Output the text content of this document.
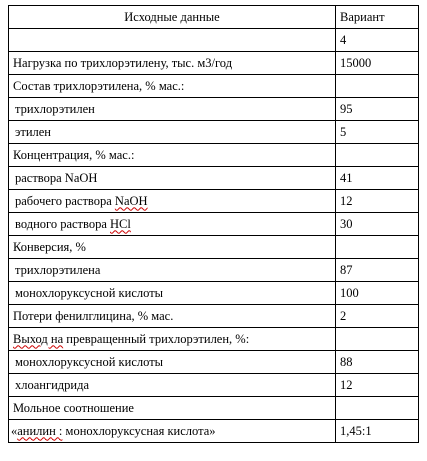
Исходные данные	Вариант
	4
Нагрузка по трихлорэтилену, тыс. м3/год	15000
Состав трихлорэтилена, % мас.:	
трихлорэтилен	95
этилен	5
Концентрация, % мас.:	
раствора NaOH	41
рабочего раствора NaOH	12
водного раствора HCl	30
Конверсия, %	
трихлорэтилена	87
монохлоруксусной кислоты	100
Потери фенилглицина, % мас.	2
Выход на превращенный трихлорэтилен, %:	
монохлоруксусной кислоты	88
хлоангидрида	12
Мольное соотношение	
«анилин : монохлоруксусная кислота»	1,45:1
